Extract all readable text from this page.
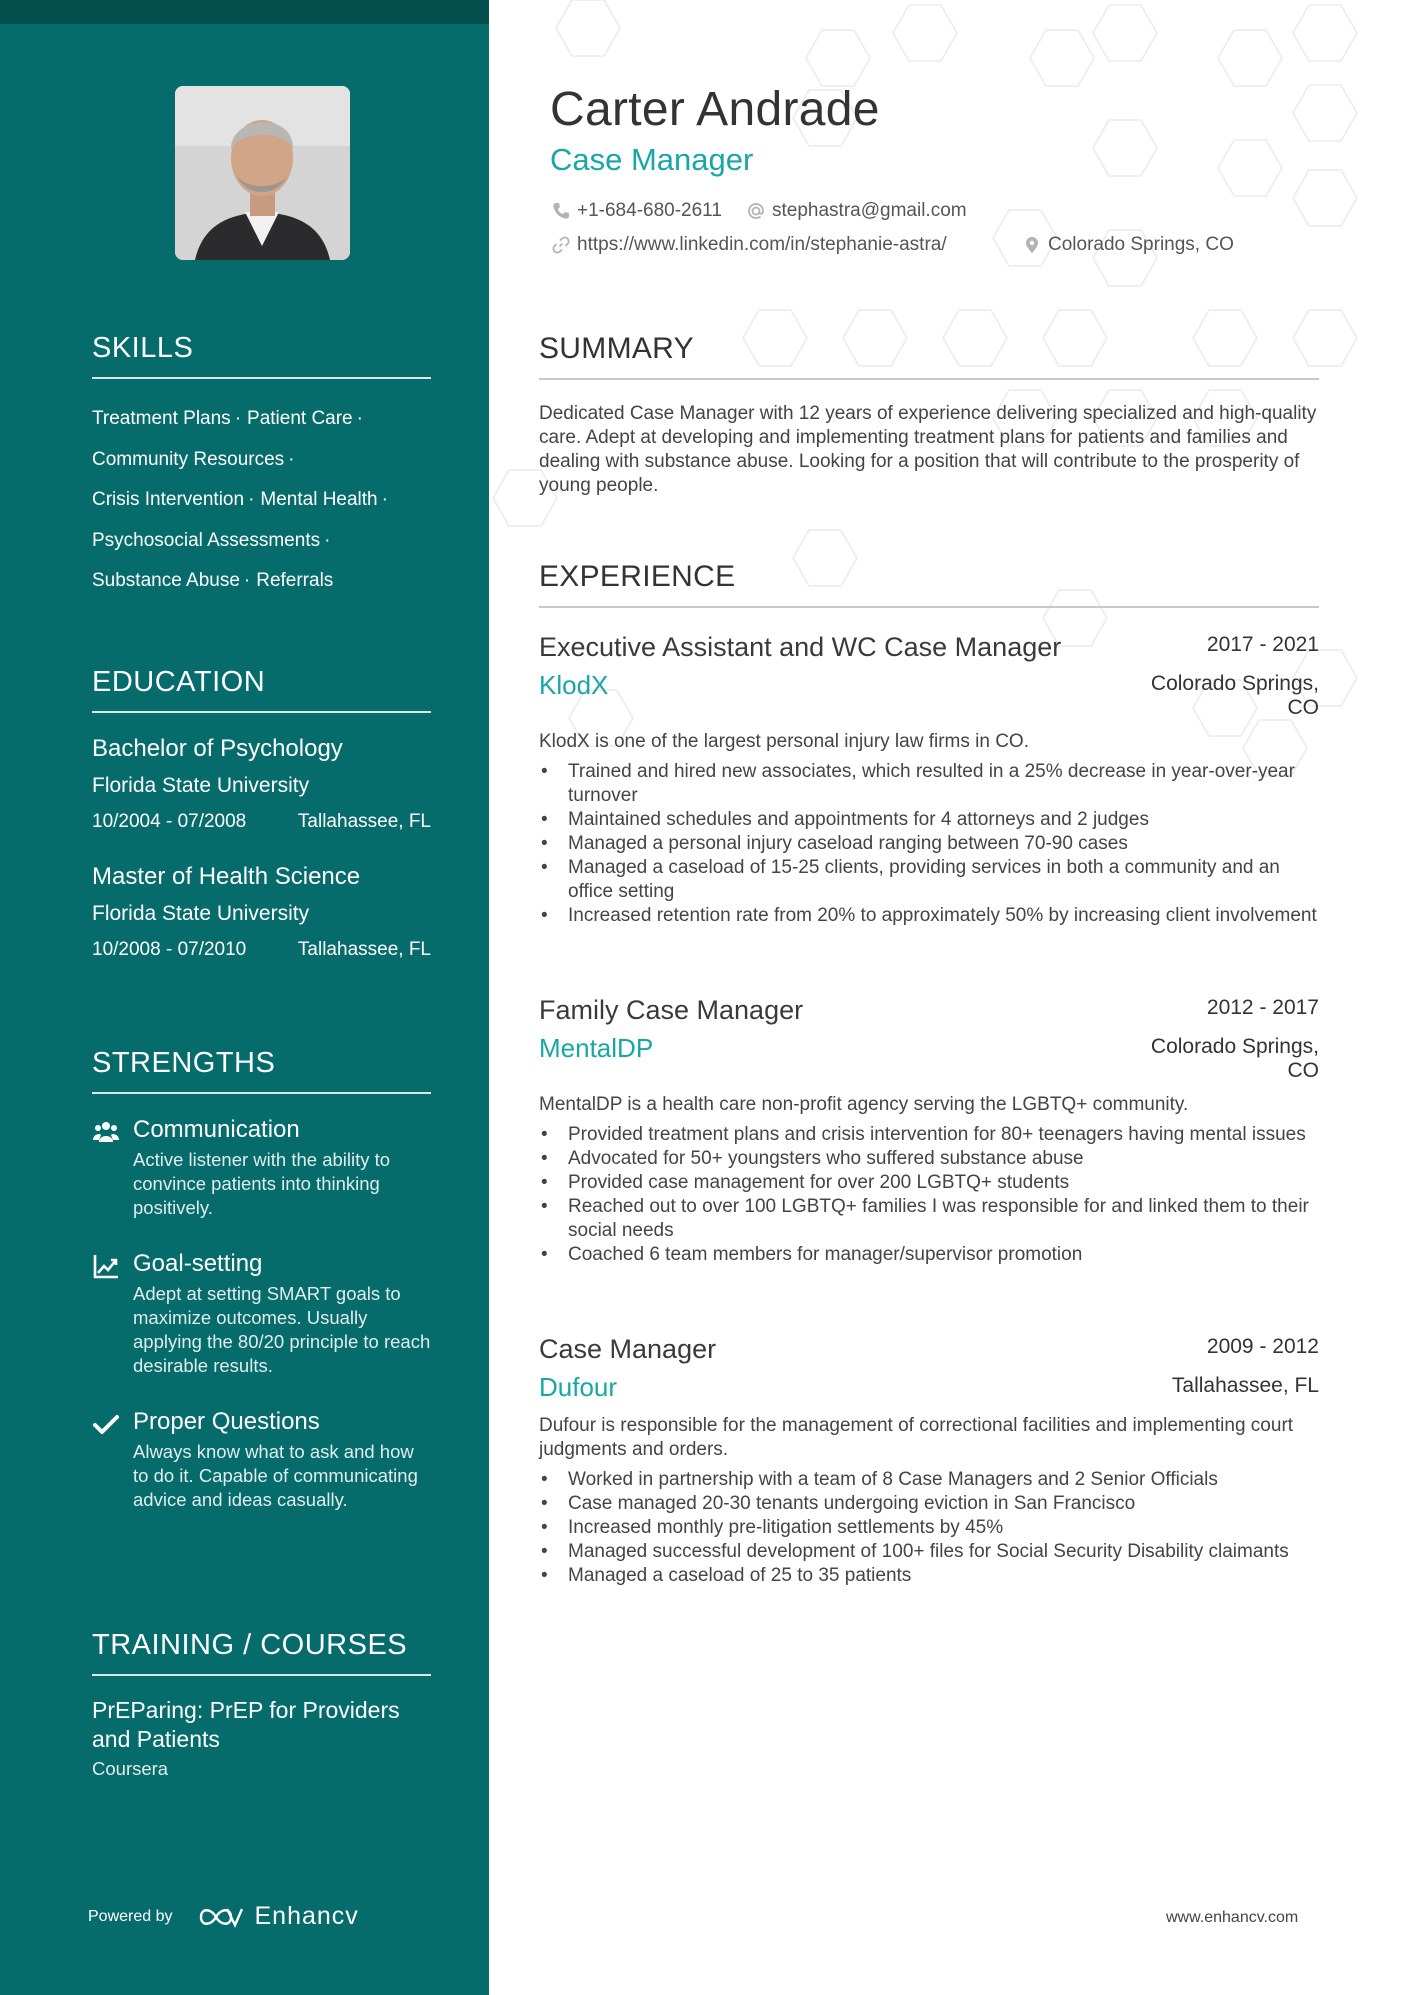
SKILLS
Treatment Plans · Patient Care ·
Community Resources ·
Crisis Intervention · Mental Health ·
Psychosocial Assessments ·
Substance Abuse · Referrals
EDUCATION
Bachelor of Psychology
Florida State University
10/2004 - 07/2008	Tallahassee, FL
Master of Health Science
Florida State University
10/2008 - 07/2010	Tallahassee, FL
STRENGTHS
Communication
Active listener with the ability to convince patients into thinking positively.
Goal-setting
Adept at setting SMART goals to maximize outcomes. Usually applying the 80/20 principle to reach desirable results.
Proper Questions
Always know what to ask and how to do it. Capable of communicating advice and ideas casually.
TRAINING / COURSES
PrEParing: PrEP for Providers and Patients
Coursera
Powered by	Enhancv
Carter Andrade
Case Manager
+1-684-680-2611	stephastra@gmail.com
https://www.linkedin.com/in/stephanie-astra/	Colorado Springs, CO
SUMMARY
Dedicated Case Manager with 12 years of experience delivering specialized and high-quality care. Adept at developing and implementing treatment plans for patients and families and dealing with substance abuse. Looking for a position that will contribute to the prosperity of young people.
EXPERIENCE
Executive Assistant and WC Case Manager	2017 - 2021
KlodX	Colorado Springs, CO
KlodX is one of the largest personal injury law firms in CO.
• Trained and hired new associates, which resulted in a 25% decrease in year-over-year turnover
• Maintained schedules and appointments for 4 attorneys and 2 judges
• Managed a personal injury caseload ranging between 70-90 cases
• Managed a caseload of 15-25 clients, providing services in both a community and an office setting
• Increased retention rate from 20% to approximately 50% by increasing client involvement
Family Case Manager	2012 - 2017
MentalDP	Colorado Springs, CO
MentalDP is a health care non-profit agency serving the LGBTQ+ community.
• Provided treatment plans and crisis intervention for 80+ teenagers having mental issues
• Advocated for 50+ youngsters who suffered substance abuse
• Provided case management for over 200 LGBTQ+ students
• Reached out to over 100 LGBTQ+ families I was responsible for and linked them to their social needs
• Coached 6 team members for manager/supervisor promotion
Case Manager	2009 - 2012
Dufour	Tallahassee, FL
Dufour is responsible for the management of correctional facilities and implementing court judgments and orders.
• Worked in partnership with a team of 8 Case Managers and 2 Senior Officials
• Case managed 20-30 tenants undergoing eviction in San Francisco
• Increased monthly pre-litigation settlements by 45%
• Managed successful development of 100+ files for Social Security Disability claimants
• Managed a caseload of 25 to 35 patients
www.enhancv.com
